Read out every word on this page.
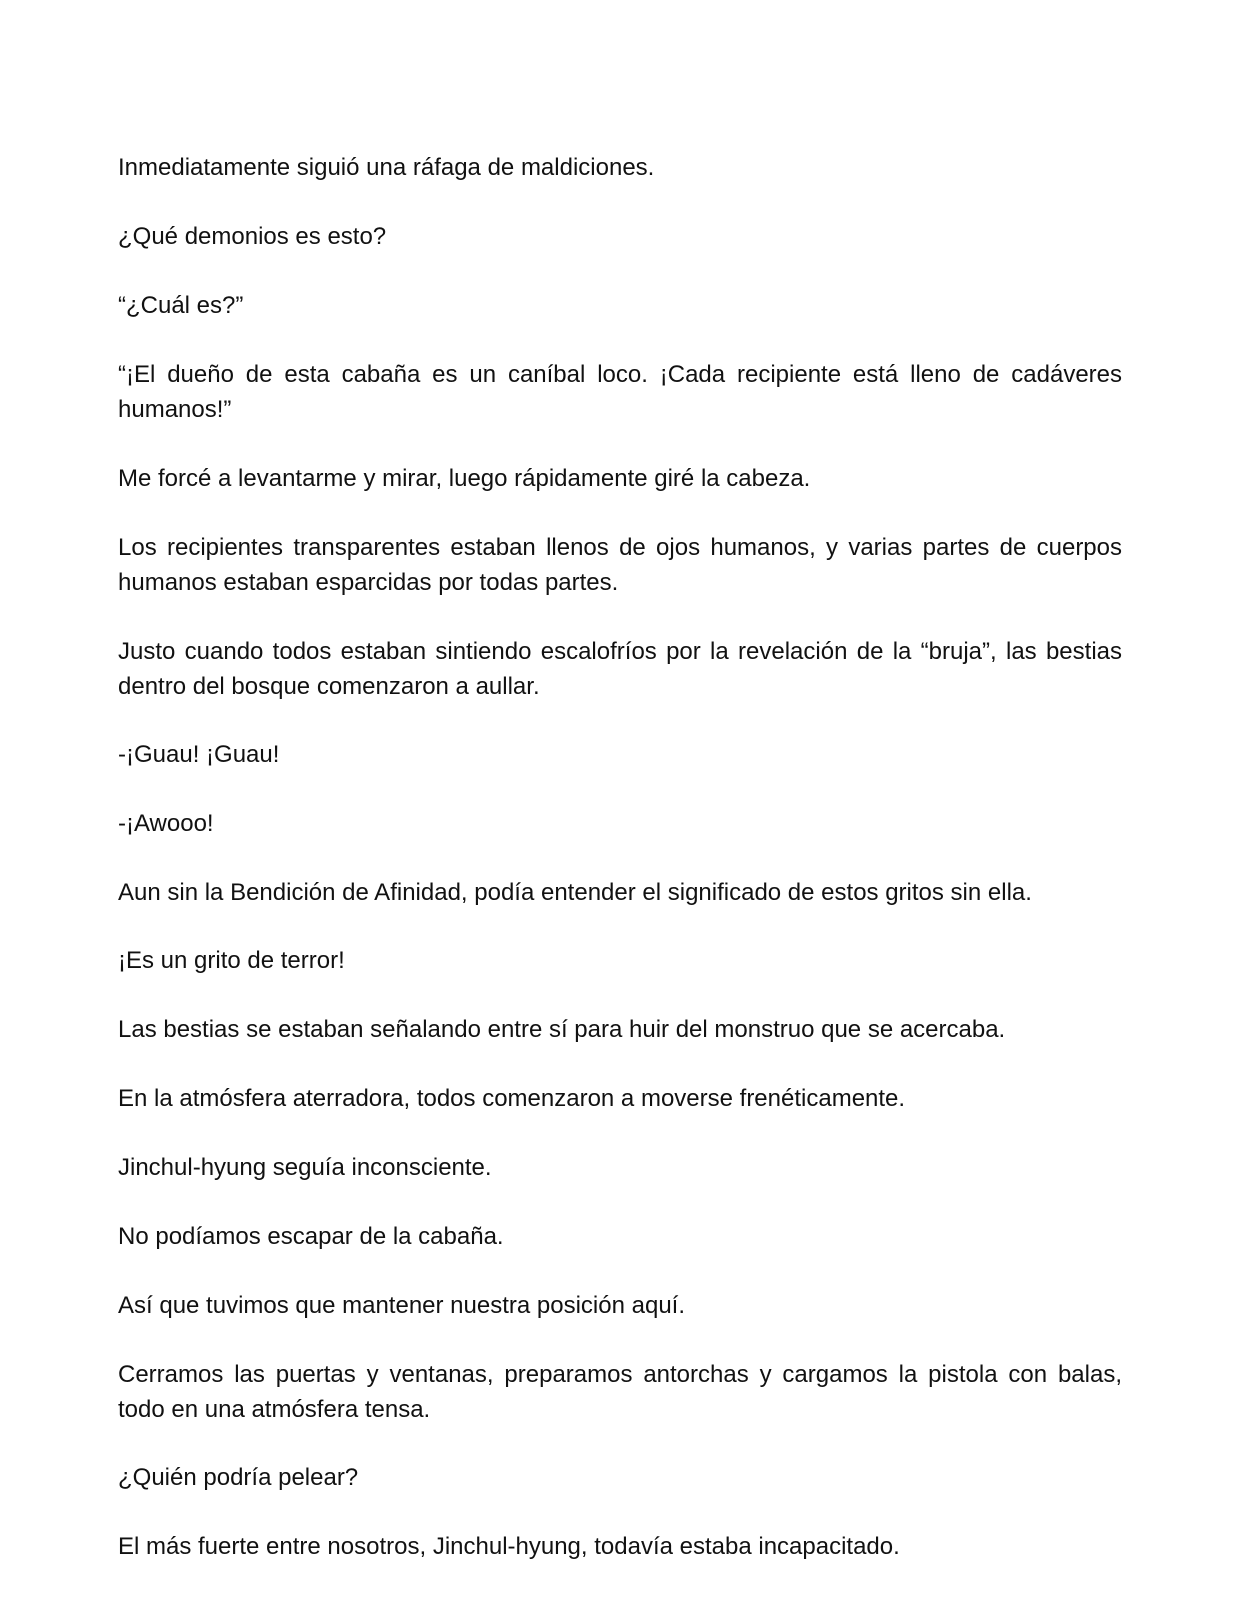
Inmediatamente siguió una ráfaga de maldiciones.

¿Qué demonios es esto?

“¿Cuál es?”

“¡El dueño de esta cabaña es un caníbal loco. ¡Cada recipiente está lleno de cadáveres humanos!”

Me forcé a levantarme y mirar, luego rápidamente giré la cabeza.

Los recipientes transparentes estaban llenos de ojos humanos, y varias partes de cuerpos humanos estaban esparcidas por todas partes.

Justo cuando todos estaban sintiendo escalofríos por la revelación de la “bruja”, las bestias dentro del bosque comenzaron a aullar.

-¡Guau! ¡Guau!

-¡Awooo!

Aun sin la Bendición de Afinidad, podía entender el significado de estos gritos sin ella.

¡Es un grito de terror!

Las bestias se estaban señalando entre sí para huir del monstruo que se acercaba.

En la atmósfera aterradora, todos comenzaron a moverse frenéticamente.

Jinchul-hyung seguía inconsciente.

No podíamos escapar de la cabaña.

Así que tuvimos que mantener nuestra posición aquí.

Cerramos las puertas y ventanas, preparamos antorchas y cargamos la pistola con balas, todo en una atmósfera tensa.

¿Quién podría pelear?

El más fuerte entre nosotros, Jinchul-hyung, todavía estaba incapacitado.
